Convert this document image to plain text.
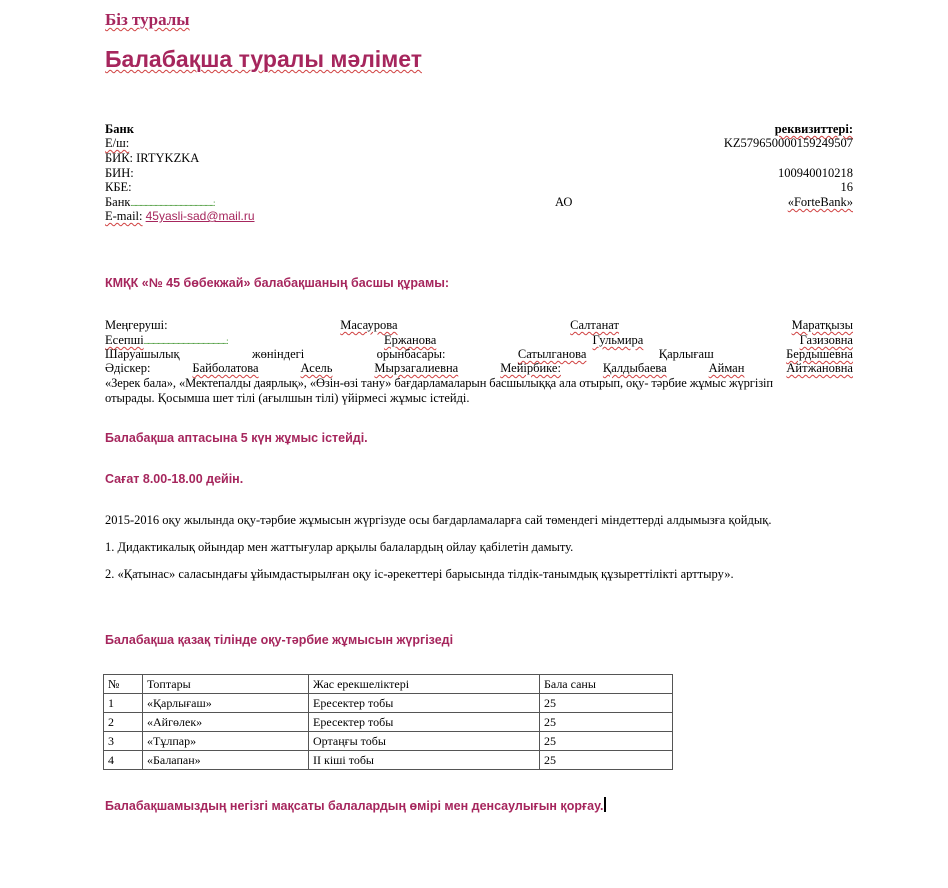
Біз туралы
Балабақша туралы мәлімет
Банк	реквизиттері:
Е/ш:	KZ579650000159249507
БИК: IRTYKZKA
БИН:	100940010218
КБЕ:	16
Банк..................................................................:	АО	«ForteBank»
E-mail:
45yasli-sad@mail.ru
КМҚК «№ 45 бөбекжай» балабақшаның басшы құрамы:
Меңгеруші:	Масаурова	Салтанат	Маратқызы
Есепші..................................................................:	Ержанова	Гульмира	Газизовна
Шаруашылық	жөніндегі	орынбасары:	Сатылганова	Қарлығаш	Бердышевна
Әдіскер:	Байболатова	Асель	Мырзагалиевна	Мейірбике:	Қалдыбаева	Айман	Айтжановна
«Зерек бала», «Мектепалды даярлық», «Өзін-өзі тану» бағдарламаларын басшылыққа ала отырып, оқу- тәрбие жұмыс жүргізіп
отырады. Қосымша шет тілі (ағылшын тілі) үйірмесі жұмыс істейді.
Балабақша аптасына 5 күн жұмыс істейді.
Сағат 8.00-18.00 дейін.
2015-2016 оқу жылында оқу-тәрбие жұмысын жүргізуде осы бағдарламаларға сай төмендегі міндеттерді алдымызға қойдық.
1. Дидактикалық ойындар мен жаттығулар арқылы балалардың ойлау қабілетін дамыту.
2. «Қатынас» саласындағы ұйымдастырылған оқу іс-әрекеттері барысында тілдік-танымдық құзыреттілікті арттыру».
Балабақша қазақ тілінде оқу-тәрбие жұмысын жүргізеді
№	Топтары	Жас ерекшеліктері	Бала саны
1	«Қарлығаш»	Ересектер тобы	25
2	«Айгөлек»	Ересектер тобы	25
3	«Тұлпар»	Ортаңғы тобы	25
4	«Балапан»	II кіші тобы	25
Балабақшамыздың негізгі мақсаты балалардың өмірі мен денсаулығын қорғау.
